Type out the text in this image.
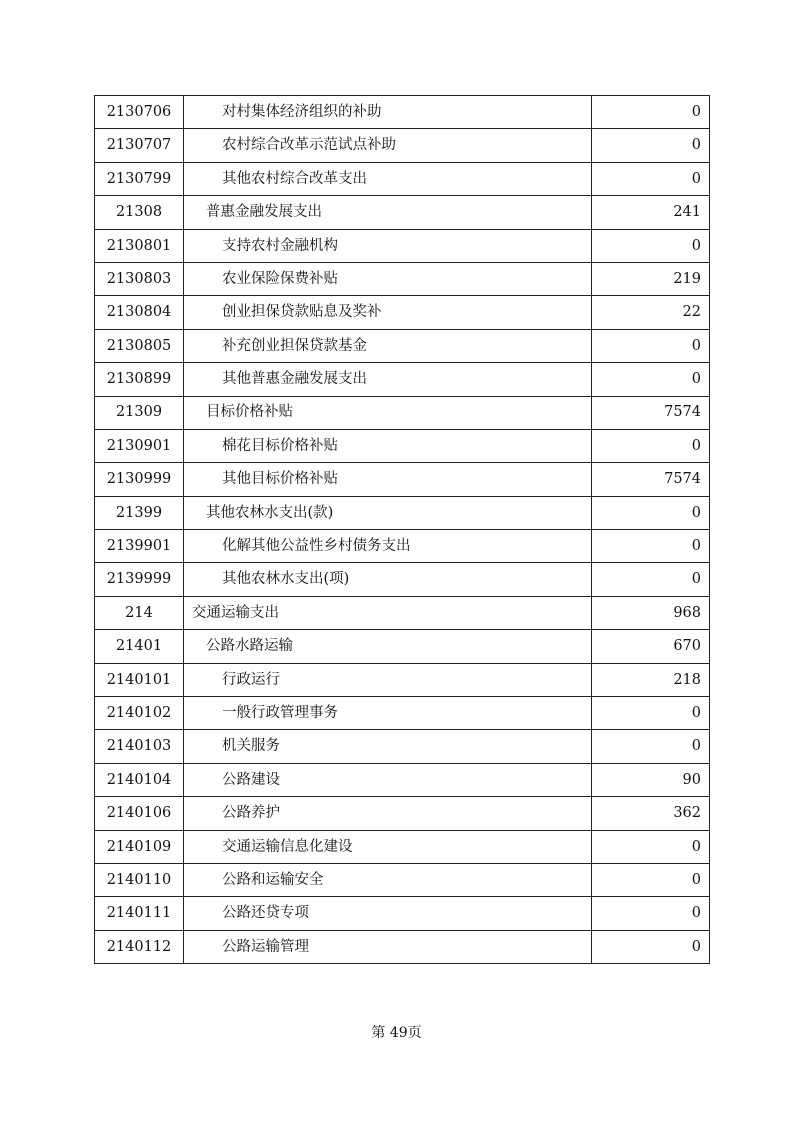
2130706	对村集体经济组织的补助	0
2130707	农村综合改革示范试点补助	0
2130799	其他农村综合改革支出	0
21308	普惠金融发展支出	241
2130801	支持农村金融机构	0
2130803	农业保险保费补贴	219
2130804	创业担保贷款贴息及奖补	22
2130805	补充创业担保贷款基金	0
2130899	其他普惠金融发展支出	0
21309	目标价格补贴	7574
2130901	棉花目标价格补贴	0
2130999	其他目标价格补贴	7574
21399	其他农林水支出(款)	0
2139901	化解其他公益性乡村债务支出	0
2139999	其他农林水支出(项)	0
214	交通运输支出	968
21401	公路水路运输	670
2140101	行政运行	218
2140102	一般行政管理事务	0
2140103	机关服务	0
2140104	公路建设	90
2140106	公路养护	362
2140109	交通运输信息化建设	0
2140110	公路和运输安全	0
2140111	公路还贷专项	0
2140112	公路运输管理	0
第 49页
